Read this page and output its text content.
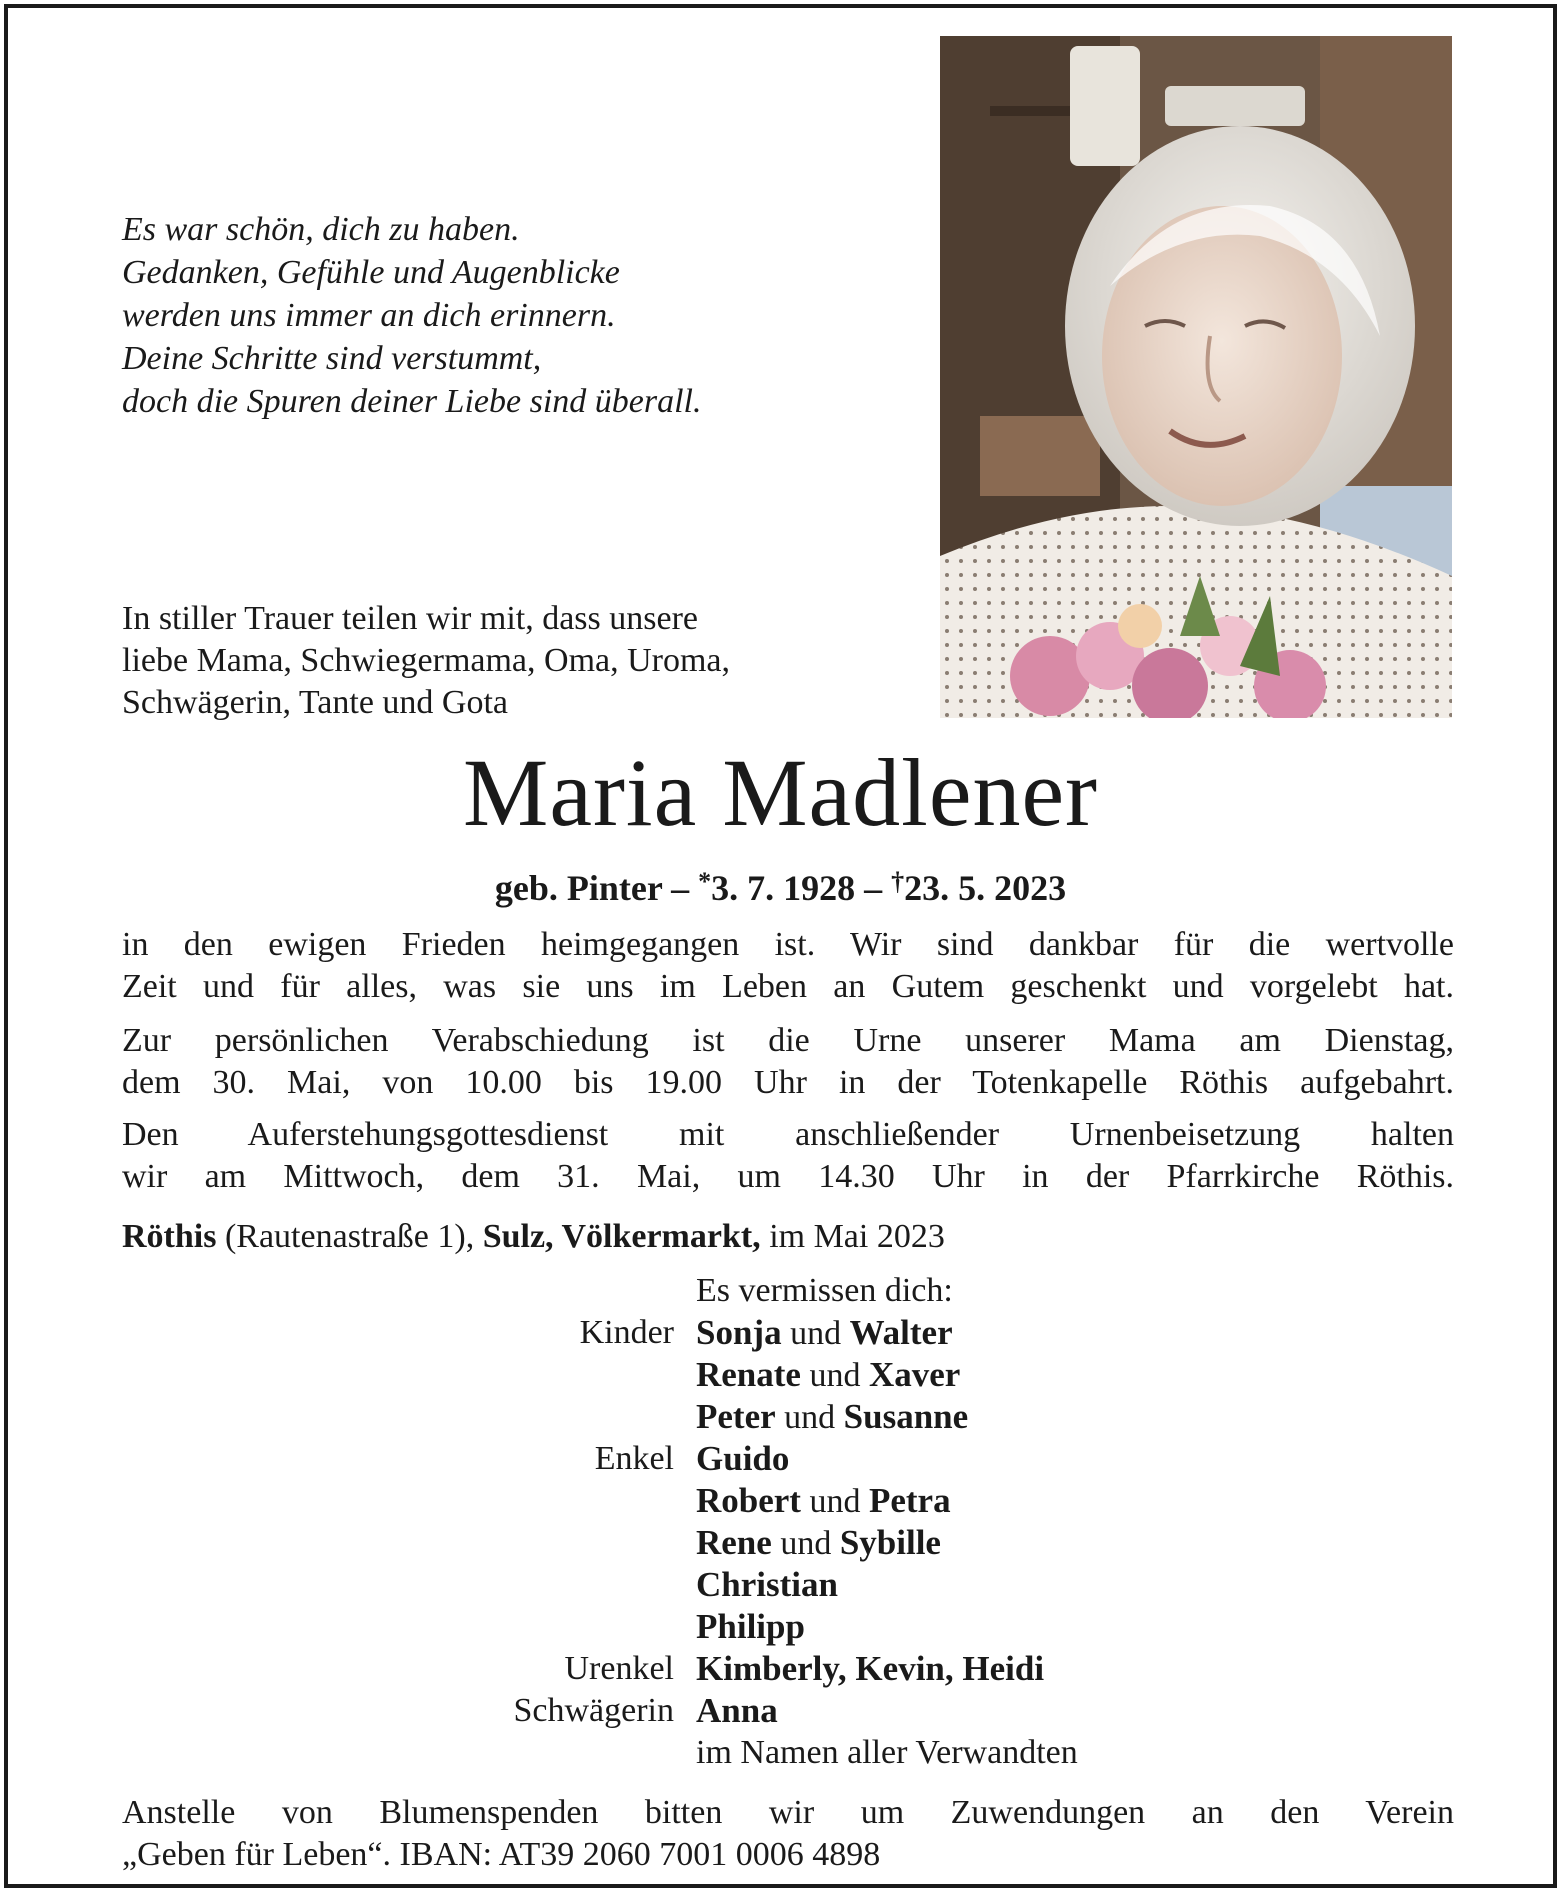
Es war schön, dich zu haben.
Gedanken, Gefühle und Augenblicke
werden uns immer an dich erinnern.
Deine Schritte sind verstummt,
doch die Spuren deiner Liebe sind überall.
In stiller Trauer teilen wir mit, dass unsere
liebe Mama, Schwiegermama, Oma, Uroma,
Schwägerin, Tante und Gota
Maria Madlener
geb. Pinter – *3. 7. 1928 – †23. 5. 2023
in den ewigen Frieden heimgegangen ist. Wir sind dankbar für die wertvolle
Zeit und für alles, was sie uns im Leben an Gutem geschenkt und vorgelebt hat.
Zur persönlichen Verabschiedung ist die Urne unserer Mama am Dienstag,
dem 30. Mai, von 10.00 bis 19.00 Uhr in der Totenkapelle Röthis aufgebahrt.
Den Auferstehungsgottesdienst mit anschließender Urnenbeisetzung halten
wir am Mittwoch, dem 31. Mai, um 14.30 Uhr in der Pfarrkirche Röthis.
Röthis (Rautenastraße 1), Sulz, Völkermarkt, im Mai 2023
Es vermissen dich:
Kinder Sonja und Walter
Renate und Xaver
Peter und Susanne
Enkel Guido
Robert und Petra
Rene und Sybille
Christian
Philipp
Urenkel Kimberly, Kevin, Heidi
Schwägerin Anna
im Namen aller Verwandten
Anstelle von Blumenspenden bitten wir um Zuwendungen an den Verein
„Geben für Leben“. IBAN: AT39 2060 7001 0006 4898
